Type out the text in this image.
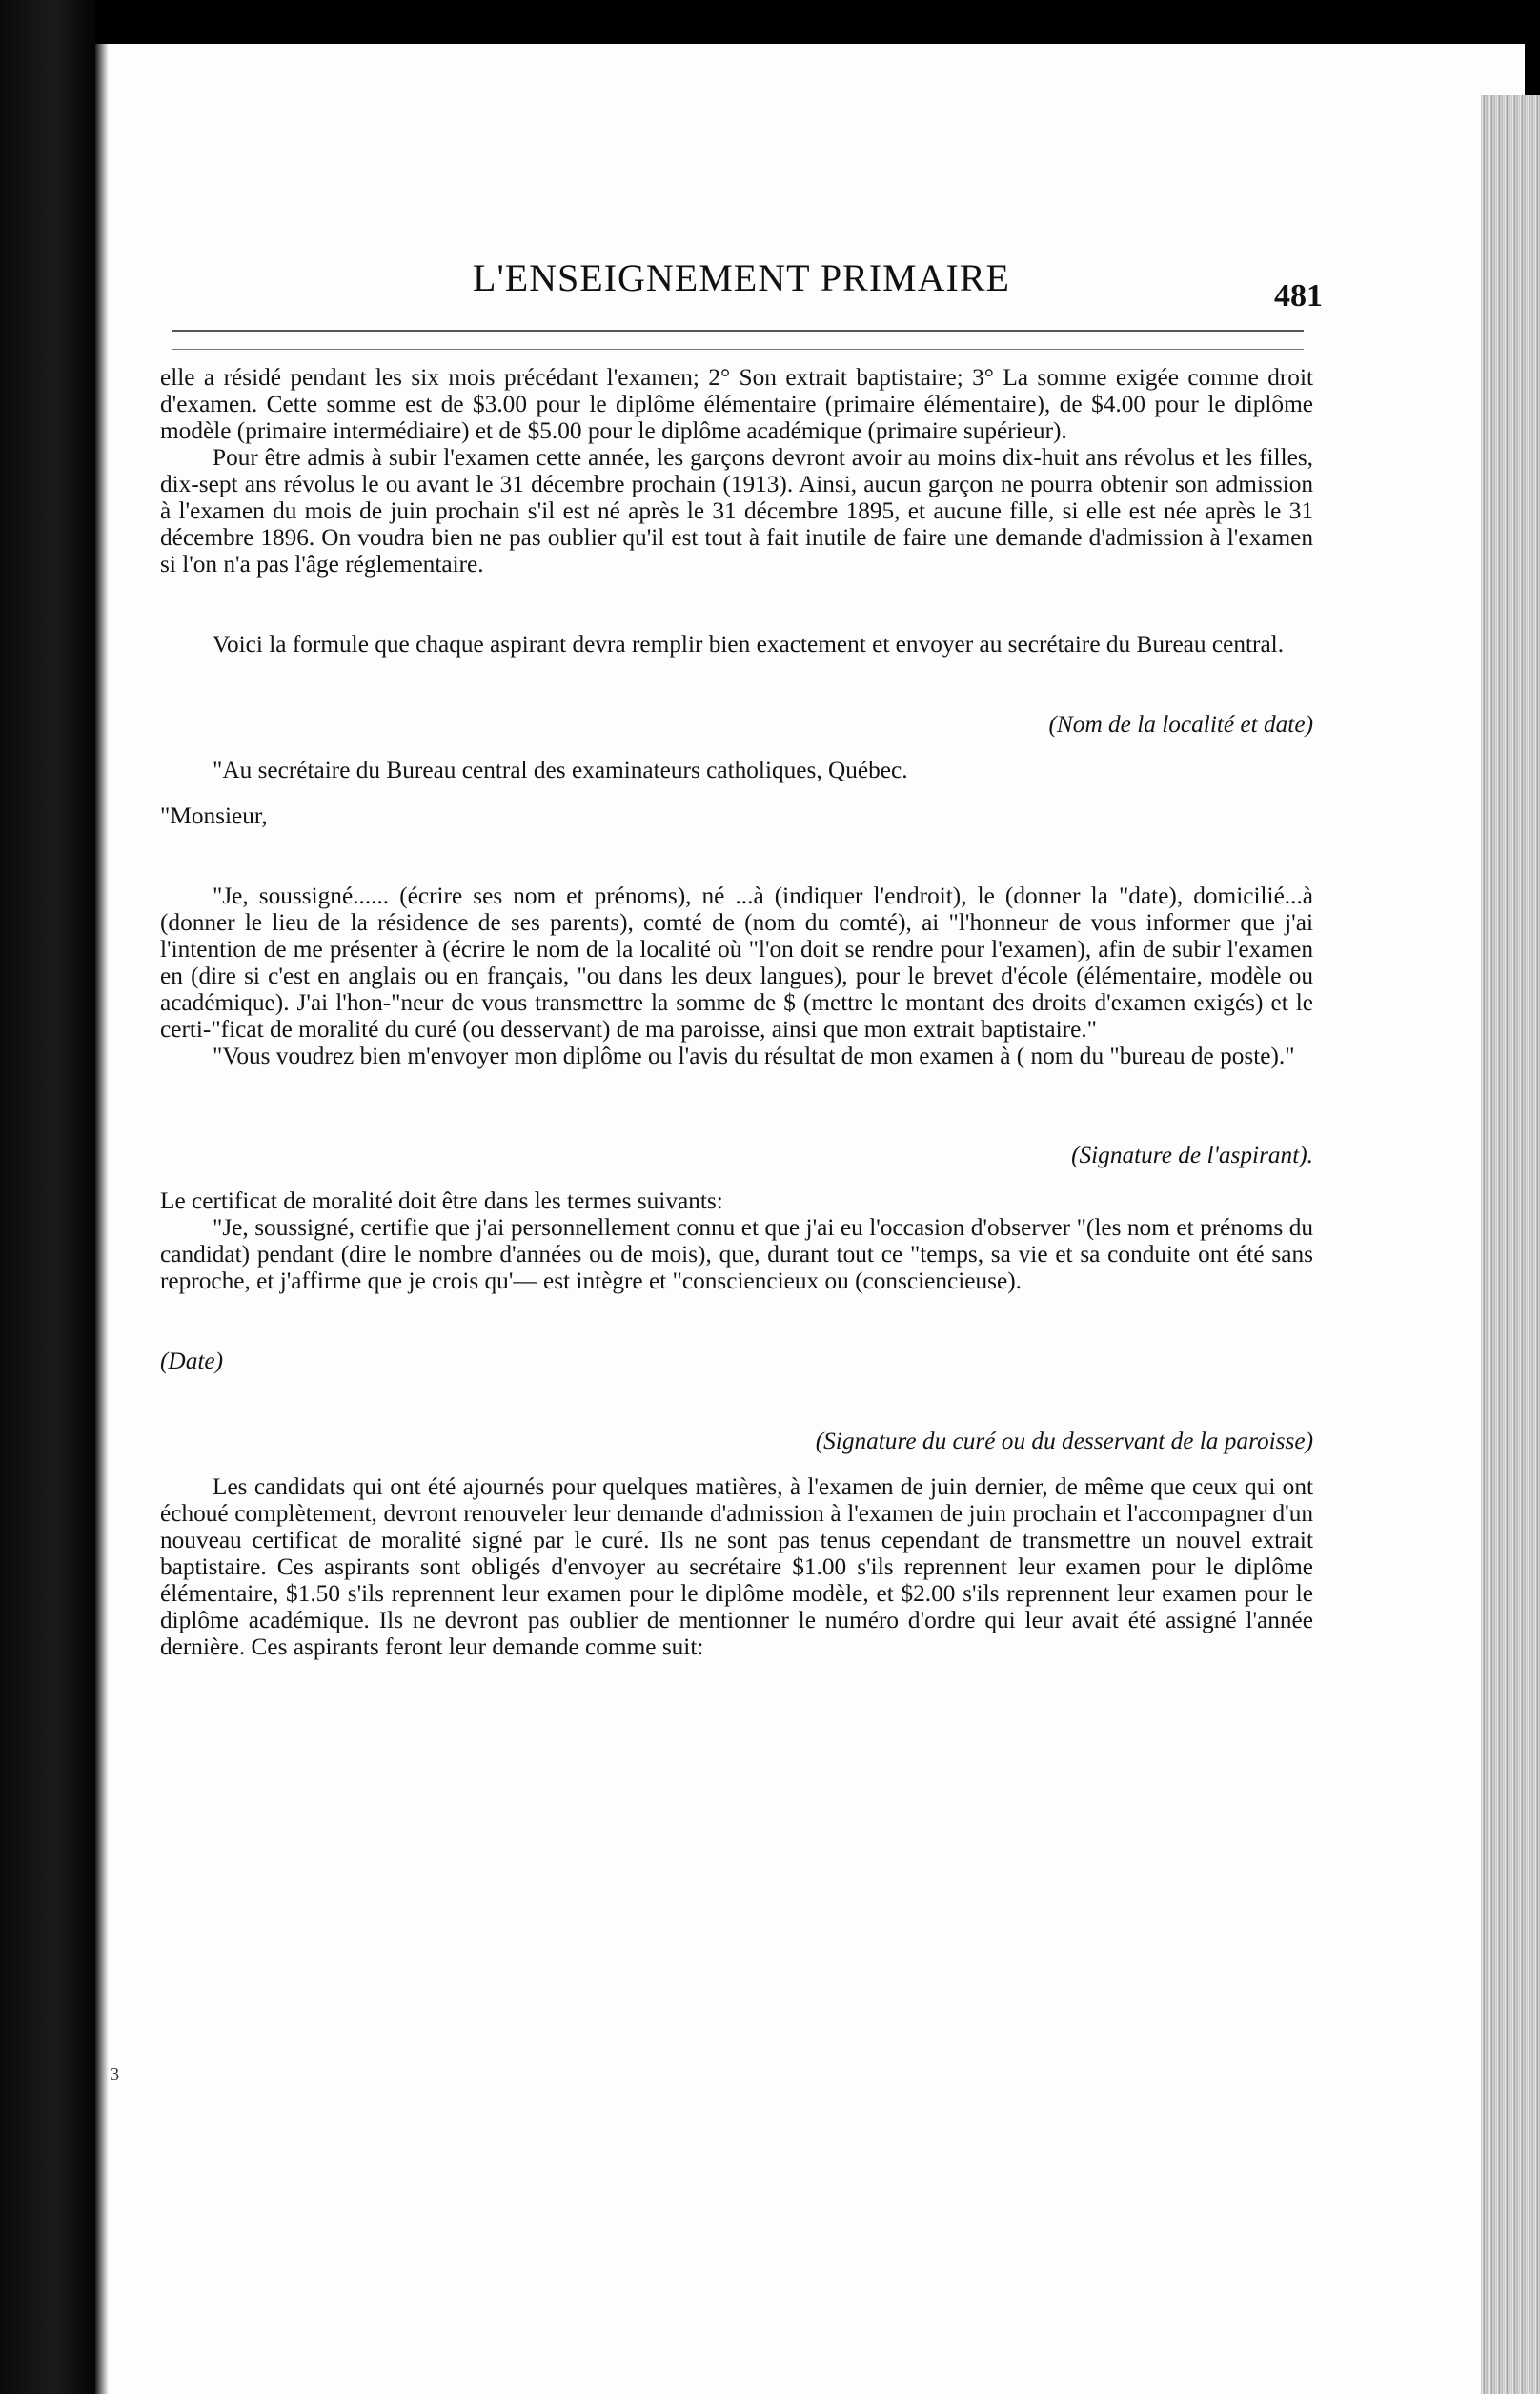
L'ENSEIGNEMENT PRIMAIRE	481

elle a résidé pendant les six mois précédant l'examen; 2° Son extrait baptistaire; 3° La somme exigée comme droit d'examen. Cette somme est de $3.00 pour le diplôme élémentaire (primaire élémentaire), de $4.00 pour le diplôme modèle (primaire intermédiaire) et de $5.00 pour le diplôme académique (primaire supérieur).

Pour être admis à subir l'examen cette année, les garçons devront avoir au moins dix-huit ans révolus et les filles, dix-sept ans révolus le ou avant le 31 décembre prochain (1913). Ainsi, aucun garçon ne pourra obtenir son admission à l'examen du mois de juin prochain s'il est né après le 31 décembre 1895, et aucune fille, si elle est née après le 31 décembre 1896. On voudra bien ne pas oublier qu'il est tout à fait inutile de faire une demande d'admission à l'examen si l'on n'a pas l'âge réglementaire.

Voici la formule que chaque aspirant devra remplir bien exactement et envoyer au secrétaire du Bureau central.

(Nom de la localité et date)

"Au secrétaire du Bureau central des examinateurs catholiques, Québec.

"Monsieur,

"Je, soussigné...... (écrire ses nom et prénoms), né ...à (indiquer l'endroit), le (donner la "date), domicilié...à (donner le lieu de la résidence de ses parents), comté de (nom du comté), ai "l'honneur de vous informer que j'ai l'intention de me présenter à (écrire le nom de la localité où "l'on doit se rendre pour l'examen), afin de subir l'examen en (dire si c'est en anglais ou en français, "ou dans les deux langues), pour le brevet d'école (élémentaire, modèle ou académique). J'ai l'hon-"neur de vous transmettre la somme de $ (mettre le montant des droits d'examen exigés) et le certi-"ficat de moralité du curé (ou desservant) de ma paroisse, ainsi que mon extrait baptistaire."

"Vous voudrez bien m'envoyer mon diplôme ou l'avis du résultat de mon examen à ( nom du "bureau de poste)."

(Signature de l'aspirant).

Le certificat de moralité doit être dans les termes suivants:

"Je, soussigné, certifie que j'ai personnellement connu et que j'ai eu l'occasion d'observer "(les nom et prénoms du candidat) pendant (dire le nombre d'années ou de mois), que, durant tout ce "temps, sa vie et sa conduite ont été sans reproche, et j'affirme que je crois qu'— est intègre et "consciencieux ou (consciencieuse).

(Date)

(Signature du curé ou du desservant de la paroisse)

Les candidats qui ont été ajournés pour quelques matières, à l'examen de juin dernier, de même que ceux qui ont échoué complètement, devront renouveler leur demande d'admission à l'examen de juin prochain et l'accompagner d'un nouveau certificat de moralité signé par le curé. Ils ne sont pas tenus cependant de transmettre un nouvel extrait baptistaire. Ces aspirants sont obligés d'envoyer au secrétaire $1.00 s'ils reprennent leur examen pour le diplôme élémentaire, $1.50 s'ils reprennent leur examen pour le diplôme modèle, et $2.00 s'ils reprennent leur examen pour le diplôme académique. Ils ne devront pas oublier de mentionner le numéro d'ordre qui leur avait été assigné l'année dernière. Ces aspirants feront leur demande comme suit:

3
